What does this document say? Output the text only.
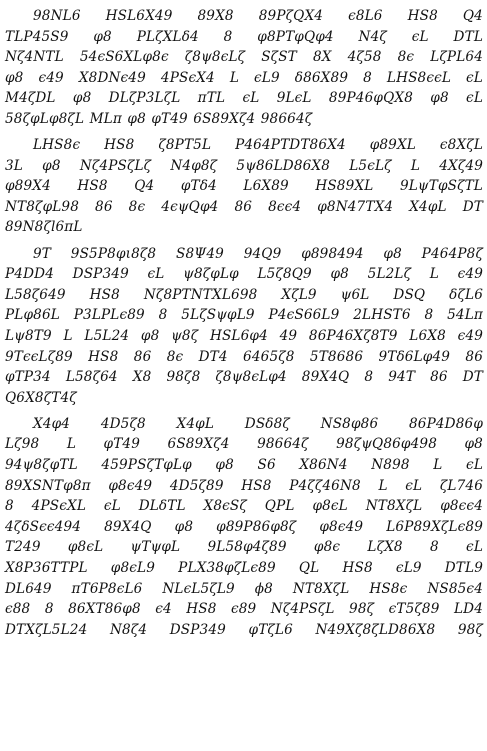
98NL6 HSL6X49 89X8 89PζQX4 ϵ8L6 HS8 Q4
TLP45S9 φ8 PLζXLδ4 8 φ8PTφQφ4 N4ζ ϵL DTL
Nζ4NTL 54ϵS6XLφ8ϵ ζ8ψ8ϵLζ SζST 8X 4ζ58 8ϵ LζPL64
φ8 ϵ49 X8DNϵ49 4PSϵX4 L ϵL9 δ86X89 8 LHS8ϵϵL ϵL
M4ζDL φ8 DLζP3LζL πTL ϵL 9LϵL 89P46φQX8 φ8 ϵL
58ζφLφ8ζL MLπ φ8 φT49 6S89Xζ4 98664ζ
LHS8ϵ HS8 ζ8PT5L P464PTDT86X4 φ89XL ϵ8XζL
3L φ8 Nζ4PSζLζ N4φ8ζ 5ψ86LD86X8 L5ϵLζ L 4Xζ49
φ89X4 HS8 Q4 φTδ4 L6X89 HS89XL 9LψTφSζTL
NT8ζφL98 86 8ϵ 4ϵψQφ4 86 8ϵϵ4 φ8N47TX4 X4φL DT
89N8ζl6πL
9T 9S5P8φι8ζ8 S8Ψ49 94Q9 φ898494 φ8 P464P8ζ
P4DD4 DSP349 ϵL ψ8ζφLφ L5ζ8Q9 φ8 5L2Lζ L ϵ49
L58ζ649 HS8 Nζ8PTNTXL698 XζL9 ψ6L DSQ δζL6
PLφ86L P3LPLϵ89 8 5LζSψφL9 P4ϵS66L9 2LHST6 8 54Lπ
Lψ8T9 L L5L24 φ8 ψ8ζ HSL6φ4 49 86P46Xζ8T9 L6X8 ϵ49
9TϵϵLζ89 HS8 86 8ϵ DT4 6465ζ8 5T8686 9Tδ6Lφ49 86
φTP34 L58ζ64 X8 98ζ8 ζ8ψ8ϵLφ4 89X4Q 8 94T 86 DT
Q6X8ζT4ζ
X4φ4 4D5ζ8 X4φL DSδ8ζ NS8φ86 86P4D86φ
Lζ98 L φT49 6S89Xζ4 98664ζ 98ζψQ86φ498 φ8
94ψ8ζφTL 459PSζTφLφ φ8 S6 X86N4 N898 L ϵL
89XSNTφ8π φ8ϵ49 4D5ζ89 HS8 P4ζζ46N8 L ϵL ζL746
8 4PSϵXL ϵL DLδTL X8ϵSζ QPL φ8ϵL NT8XζL φ8ϵϵ4
4ζδSϵϵ494 89X4Q φ8 φ89P86φ8ζ φ8ϵ49 L6P89XζLϵ89
T249 φ8ϵL ψTψφL 9L58φ4ζ89 φ8ϵ LζX8 8 ϵL
X8P36TTPL φ8ϵL9 PLX38φζLϵ89 QL HS8 ϵL9 DTL9
DL649 πT6P8ϵL6 NLϵL5ζL9 ϕ8 NT8XζL HS8ϵ NS85ϵ4
ϵ88 8 86XT86φ8 ϵ4 HS8 ϵ89 Nζ4PSζL 98ζ ϵT5ζ89 LD4
DTXζL5L24 N8ζ4 DSP349 φTζL6 N49Xζ8ζLD86X8 98ζ
